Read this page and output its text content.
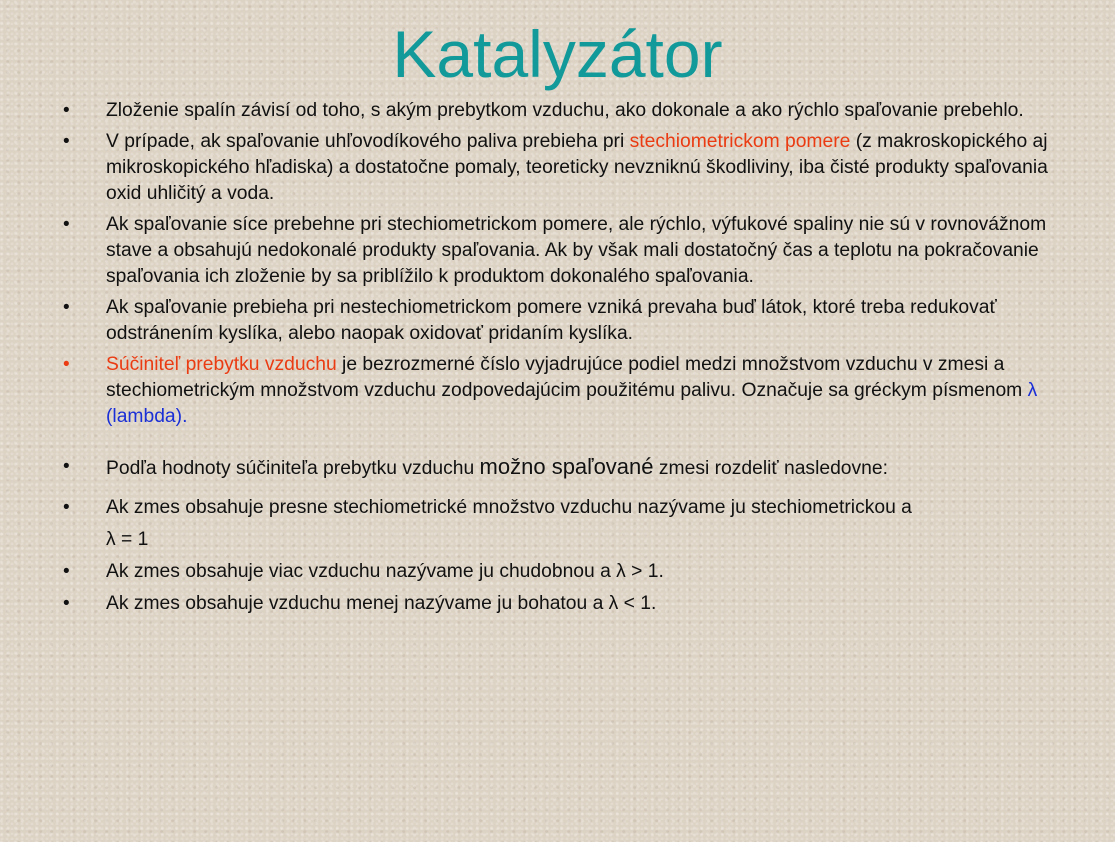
Katalyzátor
• Zloženie spalín závisí od toho, s akým prebytkom vzduchu, ako dokonale a ako rýchlo spaľovanie prebehlo.
• V prípade, ak spaľovanie uhľovodíkového paliva prebieha pri stechiometrickom pomere (z makroskopického aj mikroskopického hľadiska) a dostatočne pomaly, teoreticky nevzniknú škodliviny, iba čisté produkty spaľovania oxid uhličitý a voda.
• Ak spaľovanie síce prebehne pri stechiometrickom pomere, ale rýchlo, výfukové spaliny nie sú v rovnovážnom stave a obsahujú nedokonalé produkty spaľovania. Ak by však mali dostatočný čas a teplotu na pokračovanie spaľovania ich zloženie by sa priblížilo k produktom dokonalého spaľovania.
• Ak spaľovanie prebieha pri nestechiometrickom pomere vzniká prevaha buď látok, ktoré treba redukovať odstránením kyslíka, alebo naopak oxidovať pridaním kyslíka.
• Súčiniteľ prebytku vzduchu je bezrozmerné číslo vyjadrujúce podiel medzi množstvom vzduchu v zmesi a stechiometrickým množstvom vzduchu zodpovedajúcim použitému palivu. Označuje sa gréckym písmenom λ (lambda).
• Podľa hodnoty súčiniteľa prebytku vzduchu možno spaľované zmesi rozdeliť nasledovne:
• Ak zmes obsahuje presne stechiometrické množstvo vzduchu nazývame ju stechiometrickou a
λ = 1
• Ak zmes obsahuje viac vzduchu nazývame ju chudobnou a λ > 1.
• Ak zmes obsahuje vzduchu menej nazývame ju bohatou a λ < 1.
